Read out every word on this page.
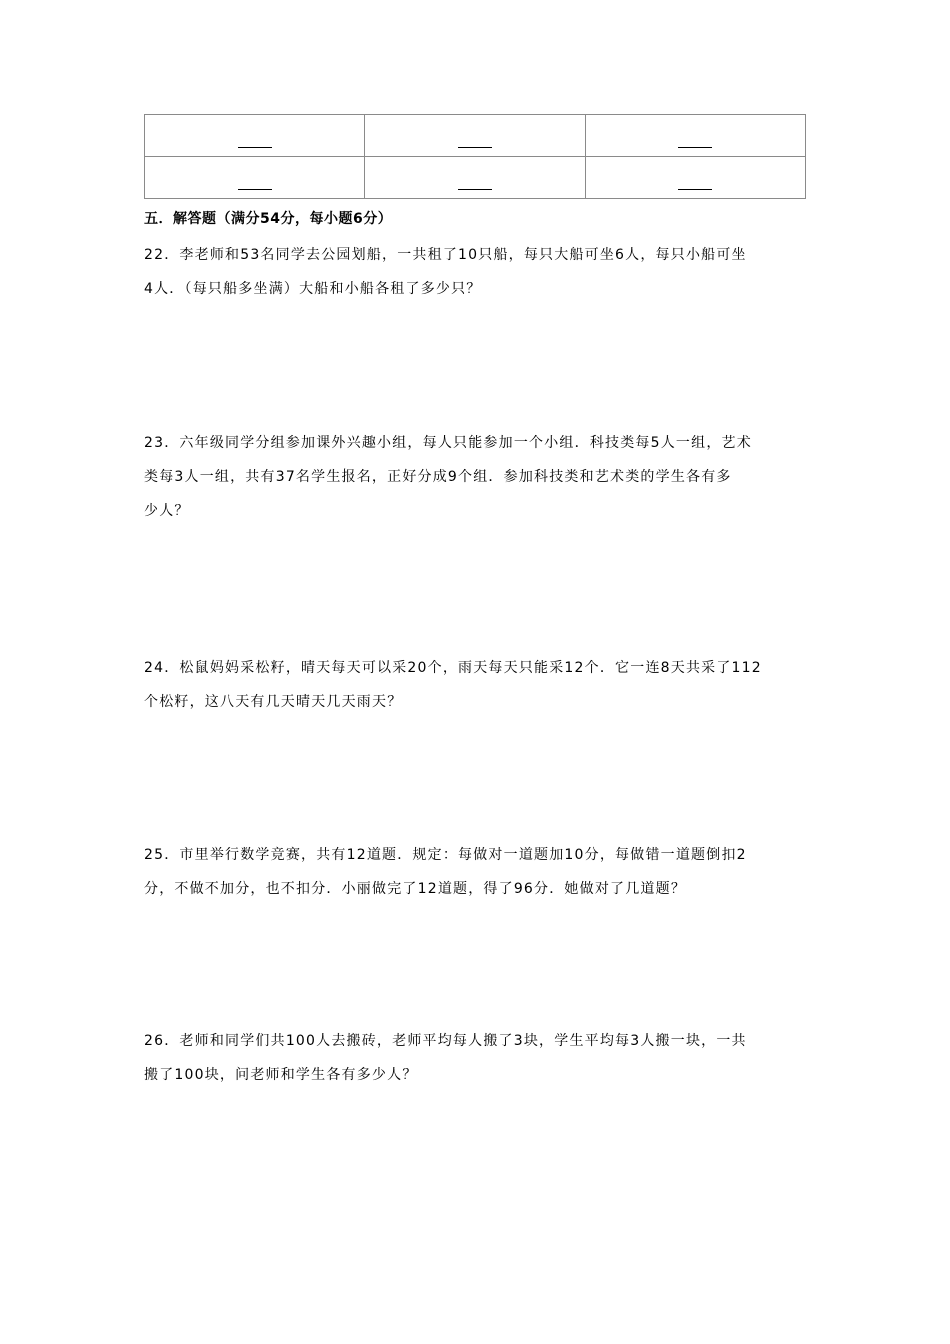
五．解答题（满分54分，每小题6分）
22．李老师和53名同学去公园划船，一共租了10只船，每只大船可坐6人，每只小船可坐
4人．（每只船多坐满）大船和小船各租了多少只？
23．六年级同学分组参加课外兴趣小组，每人只能参加一个小组．科技类每5人一组，艺术
类每3人一组，共有37名学生报名，正好分成9个组．参加科技类和艺术类的学生各有多
少人？
24．松鼠妈妈采松籽，晴天每天可以采20个，雨天每天只能采12个．它一连8天共采了112
个松籽，这八天有几天晴天几天雨天？
25．市里举行数学竞赛，共有12道题．规定：每做对一道题加10分，每做错一道题倒扣2
分，不做不加分，也不扣分．小丽做完了12道题，得了96分．她做对了几道题？
26．老师和同学们共100人去搬砖，老师平均每人搬了3块，学生平均每3人搬一块，一共
搬了100块，问老师和学生各有多少人？
